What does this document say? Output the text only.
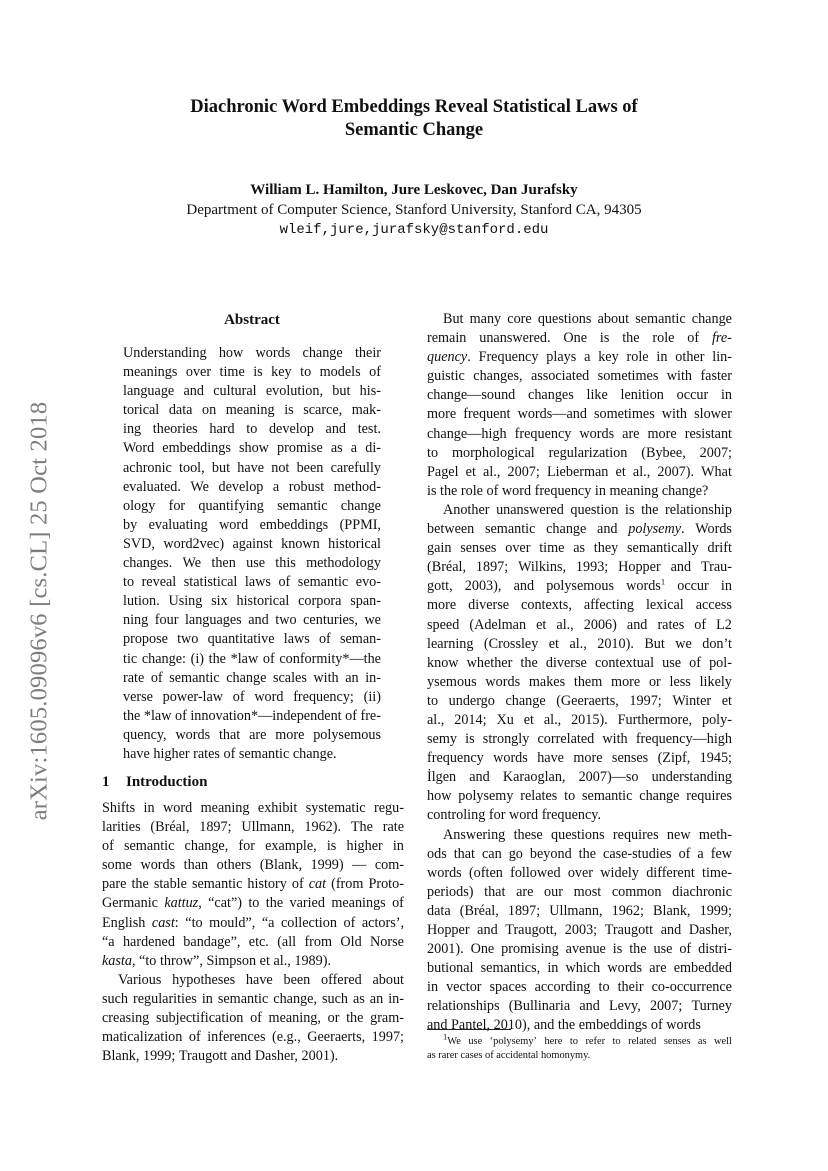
arXiv:1605.09096v6 [cs.CL] 25 Oct 2018
Diachronic Word Embeddings Reveal Statistical Laws of
Semantic Change
William L. Hamilton, Jure Leskovec, Dan Jurafsky
Department of Computer Science, Stanford University, Stanford CA, 94305
wleif,jure,jurafsky@stanford.edu
Abstract
Understanding how words change their
meanings over time is key to models of
language and cultural evolution, but his-
torical data on meaning is scarce, mak-
ing theories hard to develop and test.
Word embeddings show promise as a di-
achronic tool, but have not been carefully
evaluated. We develop a robust method-
ology for quantifying semantic change
by evaluating word embeddings (PPMI,
SVD, word2vec) against known historical
changes. We then use this methodology
to reveal statistical laws of semantic evo-
lution. Using six historical corpora span-
ning four languages and two centuries, we
propose two quantitative laws of seman-
tic change: (i) the *law of conformity*—the
rate of semantic change scales with an in-
verse power-law of word frequency; (ii)
the *law of innovation*—independent of fre-
quency, words that are more polysemous
have higher rates of semantic change.
1 Introduction
Shifts in word meaning exhibit systematic regu-
larities (Bréal, 1897; Ullmann, 1962). The rate
of semantic change, for example, is higher in
some words than others (Blank, 1999) — com-
pare the stable semantic history of cat (from Proto-
Germanic kattuz, “cat”) to the varied meanings of
English cast: “to mould”, “a collection of actors’,
“a hardened bandage”, etc. (all from Old Norse
kasta, “to throw”, Simpson et al., 1989).
Various hypotheses have been offered about
such regularities in semantic change, such as an in-
creasing subjectification of meaning, or the gram-
maticalization of inferences (e.g., Geeraerts, 1997;
Blank, 1999; Traugott and Dasher, 2001).
But many core questions about semantic change
remain unanswered. One is the role of fre-
quency. Frequency plays a key role in other lin-
guistic changes, associated sometimes with faster
change—sound changes like lenition occur in
more frequent words—and sometimes with slower
change—high frequency words are more resistant
to morphological regularization (Bybee, 2007;
Pagel et al., 2007; Lieberman et al., 2007). What
is the role of word frequency in meaning change?
Another unanswered question is the relationship
between semantic change and polysemy. Words
gain senses over time as they semantically drift
(Bréal, 1897; Wilkins, 1993; Hopper and Trau-
gott, 2003), and polysemous words$^1$ occur in
more diverse contexts, affecting lexical access
speed (Adelman et al., 2006) and rates of L2
learning (Crossley et al., 2010). But we don’t
know whether the diverse contextual use of pol-
ysemous words makes them more or less likely
to undergo change (Geeraerts, 1997; Winter et
al., 2014; Xu et al., 2015). Furthermore, poly-
semy is strongly correlated with frequency—high
frequency words have more senses (Zipf, 1945;
İlgen and Karaoglan, 2007)—so understanding
how polysemy relates to semantic change requires
controling for word frequency.
Answering these questions requires new meth-
ods that can go beyond the case-studies of a few
words (often followed over widely different time-
periods) that are our most common diachronic
data (Bréal, 1897; Ullmann, 1962; Blank, 1999;
Hopper and Traugott, 2003; Traugott and Dasher,
2001). One promising avenue is the use of distri-
butional semantics, in which words are embedded
in vector spaces according to their co-occurrence
relationships (Bullinaria and Levy, 2007; Turney
and Pantel, 2010), and the embeddings of words
$^1$We use ‘polysemy’ here to refer to related senses as well
as rarer cases of accidental homonymy.
